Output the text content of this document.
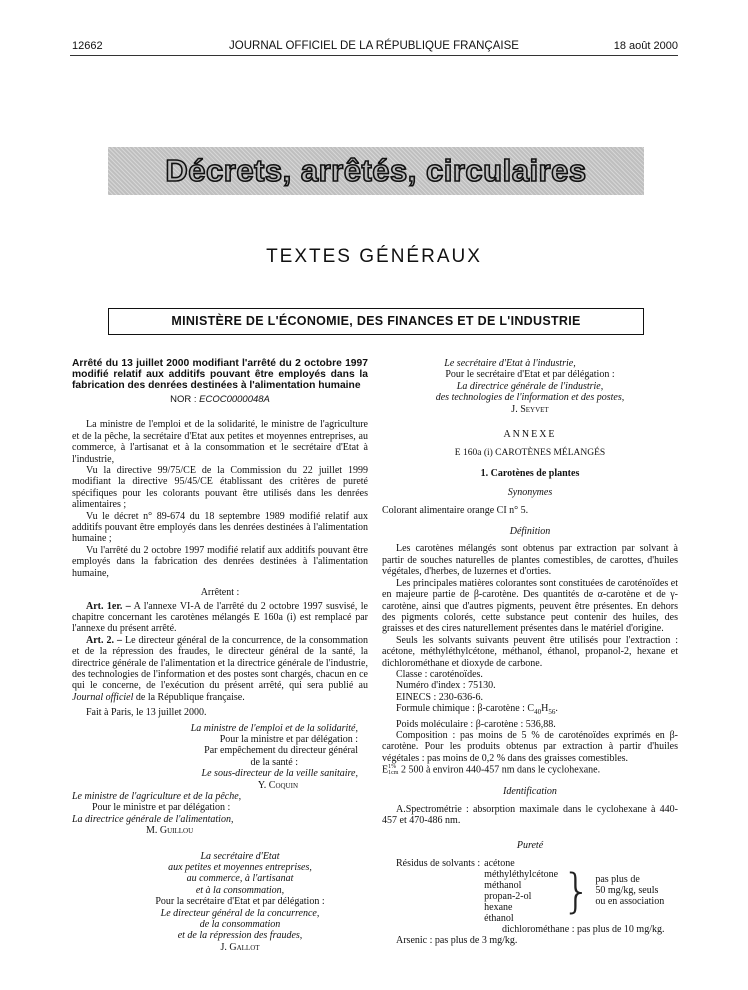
12662	JOURNAL OFFICIEL DE LA RÉPUBLIQUE FRANÇAISE	18 août 2000
Décrets, arrêtés, circulaires
TEXTES GÉNÉRAUX
MINISTÈRE DE L'ÉCONOMIE, DES FINANCES ET DE L'INDUSTRIE
Arrêté du 13 juillet 2000 modifiant l'arrêté du 2 octobre 1997 modifié relatif aux additifs pouvant être employés dans la fabrication des denrées destinées à l'alimentation humaine
NOR : ECOC0000048A

La ministre de l'emploi et de la solidarité, le ministre de l'agriculture et de la pêche, la secrétaire d'Etat aux petites et moyennes entreprises, au commerce, à l'artisanat et à la consommation et le secrétaire d'Etat à l'industrie,

Vu la directive 99/75/CE de la Commission du 22 juillet 1999 modifiant la directive 95/45/CE établissant des critères de pureté spécifiques pour les colorants pouvant être utilisés dans les denrées alimentaires ;

Vu le décret n° 89-674 du 18 septembre 1989 modifié relatif aux additifs pouvant être employés dans les denrées destinées à l'alimentation humaine ;

Vu l'arrêté du 2 octobre 1997 modifié relatif aux additifs pouvant être employés dans la fabrication des denrées destinées à l'alimentation humaine,

Arrêtent :

Art. 1er. – A l'annexe VI-A de l'arrêté du 2 octobre 1997 susvisé, le chapitre concernant les carotènes mélangés E 160a (i) est remplacé par l'annexe du présent arrêté.

Art. 2. – Le directeur général de la concurrence, de la consommation et de la répression des fraudes, le directeur général de la santé, la directrice générale de l'alimentation et la directrice générale de l'industrie, des technologies de l'information et des postes sont chargés, chacun en ce qui le concerne, de l'exécution du présent arrêté, qui sera publié au Journal officiel de la République française.

Fait à Paris, le 13 juillet 2000.

La ministre de l'emploi et de la solidarité,

Pour la ministre et par délégation :

Par empêchement du directeur général

de la santé :

Le sous-directeur de la veille sanitaire,

Y. Coquin

Le ministre de l'agriculture et de la pêche,

Pour le ministre et par délégation :

La directrice générale de l'alimentation,

M. Guillou

La secrétaire d'Etat

aux petites et moyennes entreprises,

au commerce, à l'artisanat

et à la consommation,

Pour la secrétaire d'Etat et par délégation :

Le directeur général de la concurrence,

de la consommation

et de la répression des fraudes,

J. Gallot

Le secrétaire d'Etat à l'industrie,

Pour le secrétaire d'Etat et par délégation :

La directrice générale de l'industrie,

des technologies de l'information et des postes,

J. Seyvet

ANNEXE

E 160a (i) CAROTÈNES MÉLANGÉS

1. Carotènes de plantes

Synonymes

Colorant alimentaire orange CI n° 5.

Définition

Les carotènes mélangés sont obtenus par extraction par solvant à partir de souches naturelles de plantes comestibles, de carottes, d'huiles végétales, d'herbes, de luzernes et d'orties.

Les principales matières colorantes sont constituées de caroténoïdes et en majeure partie de β-carotène. Des quantités de α-carotène et de γ-carotène, ainsi que d'autres pigments, peuvent être présentes. En dehors des pigments colorés, cette substance peut contenir des huiles, des graisses et des cires naturellement présentes dans le matériel d'origine.

Seuls les solvants suivants peuvent être utilisés pour l'extraction : acétone, méthyléthylcétone, méthanol, éthanol, propanol-2, hexane et dichlorométhane et dioxyde de carbone.

Classe : caroténoïdes.

Numéro d'index : 75130.

EINECS : 230-636-6.

Formule chimique : β-carotène : $C_{40}H_{56}$.

Poids moléculaire : β-carotène : 536,88.

Composition : pas moins de 5 % de caroténoïdes exprimés en β-carotène. Pour les produits obtenus par extraction à partir d'huiles végétales : pas moins de 0,2 % dans des graisses comestibles.

E 1%
1cm 2 500 à environ 440-457 nm dans le cyclohexane.

Identification

A.Spectrométrie : absorption maximale dans le cyclohexane à 440-457 et 470-486 nm.

Pureté

Résidus de solvants :	acétone
méthyléthylcétone
méthanol
propan-2-ol
hexane
éthanol
	}	pas plus de
50 mg/kg, seuls
ou en association

dichlorométhane : pas plus de 10 mg/kg.

Arsenic : pas plus de 3 mg/kg.
